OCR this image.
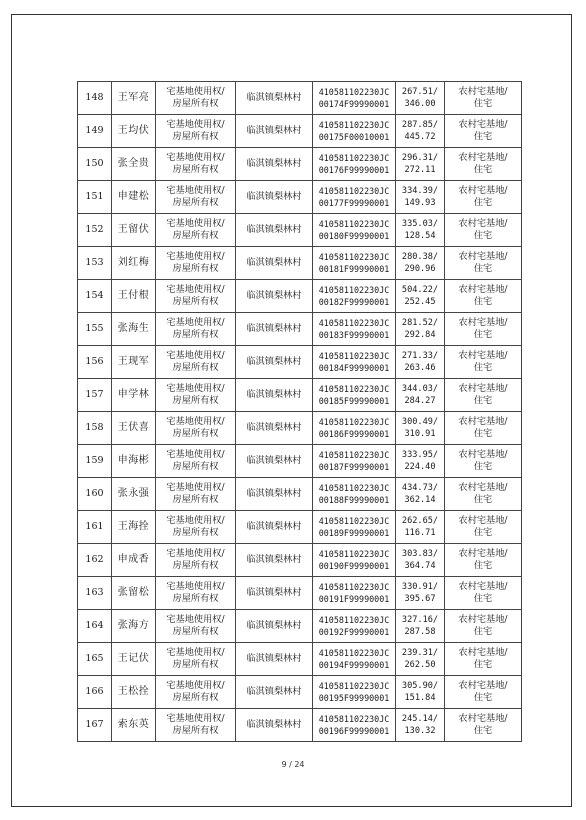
148	王军亮	宅基地使用权/
房屋所有权	临淇镇梨林村	410581102230JC
00174F99990001	267.51/
346.00	农村宅基地/
住宅

149	王均伏	宅基地使用权/
房屋所有权	临淇镇梨林村	410581102230JC
00175F00010001	287.85/
445.72	农村宅基地/
住宅

150	张全贵	宅基地使用权/
房屋所有权	临淇镇梨林村	410581102230JC
00176F99990001	296.31/
272.11	农村宅基地/
住宅

151	申建松	宅基地使用权/
房屋所有权	临淇镇梨林村	410581102230JC
00177F99990001	334.39/
149.93	农村宅基地/
住宅

152	王留伏	宅基地使用权/
房屋所有权	临淇镇梨林村	410581102230JC
00180F99990001	335.03/
128.54	农村宅基地/
住宅

153	刘红梅	宅基地使用权/
房屋所有权	临淇镇梨林村	410581102230JC
00181F99990001	280.38/
290.96	农村宅基地/
住宅

154	王付根	宅基地使用权/
房屋所有权	临淇镇梨林村	410581102230JC
00182F99990001	504.22/
252.45	农村宅基地/
住宅

155	张海生	宅基地使用权/
房屋所有权	临淇镇梨林村	410581102230JC
00183F99990001	281.52/
292.84	农村宅基地/
住宅

156	王现军	宅基地使用权/
房屋所有权	临淇镇梨林村	410581102230JC
00184F99990001	271.33/
263.46	农村宅基地/
住宅

157	申学林	宅基地使用权/
房屋所有权	临淇镇梨林村	410581102230JC
00185F99990001	344.03/
284.27	农村宅基地/
住宅

158	王伏喜	宅基地使用权/
房屋所有权	临淇镇梨林村	410581102230JC
00186F99990001	300.49/
310.91	农村宅基地/
住宅

159	申海彬	宅基地使用权/
房屋所有权	临淇镇梨林村	410581102230JC
00187F99990001	333.95/
224.40	农村宅基地/
住宅

160	张永强	宅基地使用权/
房屋所有权	临淇镇梨林村	410581102230JC
00188F99990001	434.73/
362.14	农村宅基地/
住宅

161	王海拴	宅基地使用权/
房屋所有权	临淇镇梨林村	410581102230JC
00189F99990001	262.65/
116.71	农村宅基地/
住宅

162	申成香	宅基地使用权/
房屋所有权	临淇镇梨林村	410581102230JC
00190F99990001	303.83/
364.74	农村宅基地/
住宅

163	张留松	宅基地使用权/
房屋所有权	临淇镇梨林村	410581102230JC
00191F99990001	330.91/
395.67	农村宅基地/
住宅

164	张海方	宅基地使用权/
房屋所有权	临淇镇梨林村	410581102230JC
00192F99990001	327.16/
287.58	农村宅基地/
住宅

165	王记伏	宅基地使用权/
房屋所有权	临淇镇梨林村	410581102230JC
00194F99990001	239.31/
262.50	农村宅基地/
住宅

166	王松拴	宅基地使用权/
房屋所有权	临淇镇梨林村	410581102230JC
00195F99990001	305.90/
151.84	农村宅基地/
住宅

167	索东英	宅基地使用权/
房屋所有权	临淇镇梨林村	410581102230JC
00196F99990001	245.14/
130.32	农村宅基地/
住宅
9 / 24
